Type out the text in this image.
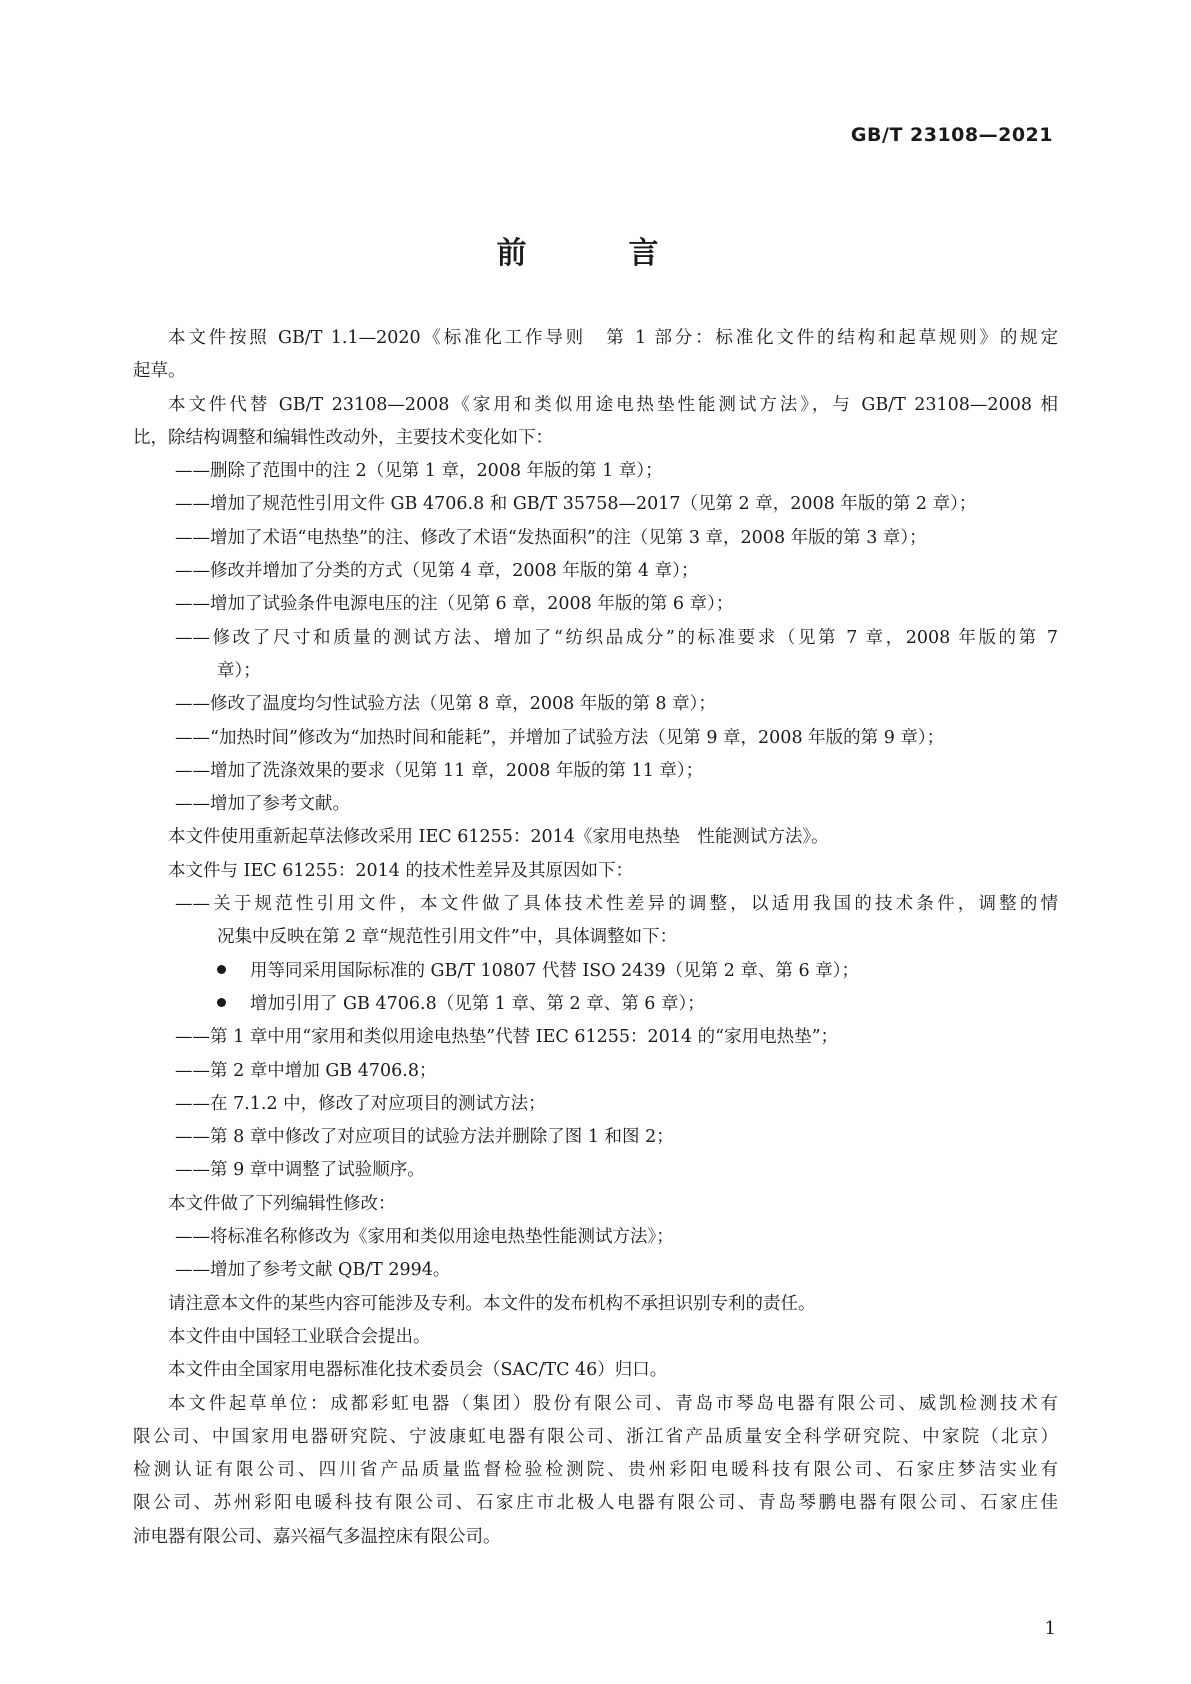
GB/T 23108—2021
前　言
本文件按照 GB/T 1.1—2020《标准化工作导则　第 1 部分：标准化文件的结构和起草规则》的规定
起草。
本文件代替 GB/T 23108—2008《家用和类似用途电热垫性能测试方法》，与 GB/T 23108—2008 相
比，除结构调整和编辑性改动外，主要技术变化如下：
——删除了范围中的注 2（见第 1 章，2008 年版的第 1 章）；
——增加了规范性引用文件 GB 4706.8 和 GB/T 35758—2017（见第 2 章，2008 年版的第 2 章）；
——增加了术语“电热垫”的注、修改了术语“发热面积”的注（见第 3 章，2008 年版的第 3 章）；
——修改并增加了分类的方式（见第 4 章，2008 年版的第 4 章）；
——增加了试验条件电源电压的注（见第 6 章，2008 年版的第 6 章）；
——修改了尺寸和质量的测试方法、增加了“纺织品成分”的标准要求（见第 7 章，2008 年版的第 7
章）；
——修改了温度均匀性试验方法（见第 8 章，2008 年版的第 8 章）；
——“加热时间”修改为“加热时间和能耗”，并增加了试验方法（见第 9 章，2008 年版的第 9 章）；
——增加了洗涤效果的要求（见第 11 章，2008 年版的第 11 章）；
——增加了参考文献。
本文件使用重新起草法修改采用 IEC 61255：2014《家用电热垫　性能测试方法》。
本文件与 IEC 61255：2014 的技术性差异及其原因如下：
——关于规范性引用文件，本文件做了具体技术性差异的调整，以适用我国的技术条件，调整的情
况集中反映在第 2 章“规范性引用文件”中，具体调整如下：
用等同采用国际标准的 GB/T 10807 代替 ISO 2439（见第 2 章、第 6 章）；
增加引用了 GB 4706.8（见第 1 章、第 2 章、第 6 章）；
——第 1 章中用“家用和类似用途电热垫”代替 IEC 61255：2014 的“家用电热垫”；
——第 2 章中增加 GB 4706.8；
——在 7.1.2 中，修改了对应项目的测试方法；
——第 8 章中修改了对应项目的试验方法并删除了图 1 和图 2；
——第 9 章中调整了试验顺序。
本文件做了下列编辑性修改：
——将标准名称修改为《家用和类似用途电热垫性能测试方法》；
——增加了参考文献 QB/T 2994。
请注意本文件的某些内容可能涉及专利。本文件的发布机构不承担识别专利的责任。
本文件由中国轻工业联合会提出。
本文件由全国家用电器标准化技术委员会（SAC/TC 46）归口。
本文件起草单位：成都彩虹电器（集团）股份有限公司、青岛市琴岛电器有限公司、威凯检测技术有
限公司、中国家用电器研究院、宁波康虹电器有限公司、浙江省产品质量安全科学研究院、中家院（北京）
检测认证有限公司、四川省产品质量监督检验检测院、贵州彩阳电暖科技有限公司、石家庄梦洁实业有
限公司、苏州彩阳电暖科技有限公司、石家庄市北极人电器有限公司、青岛琴鹏电器有限公司、石家庄佳
沛电器有限公司、嘉兴福气多温控床有限公司。
1
